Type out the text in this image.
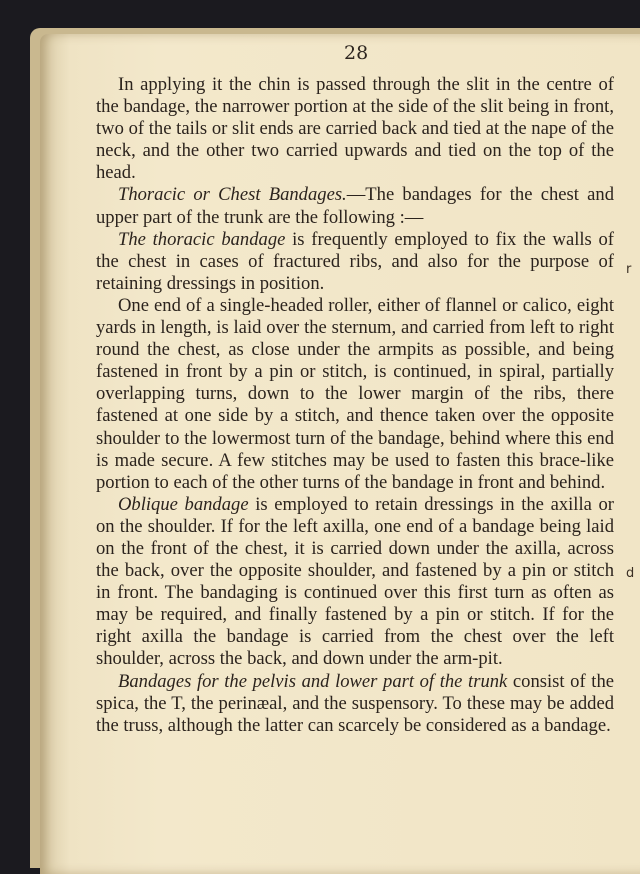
28

In applying it the chin is passed through the slit in the centre of the bandage, the narrower portion at the side of the slit being in front, two of the tails or slit ends are carried back and tied at the nape of the neck, and the other two carried upwards and tied on the top of the head.

Thoracic or Chest Bandages.—The bandages for the chest and upper part of the trunk are the following :—

The thoracic bandage is frequently employed to fix the walls of the chest in cases of fractured ribs, and also for the purpose of retaining dressings in position.

One end of a single-headed roller, either of flannel or calico, eight yards in length, is laid over the sternum, and carried from left to right round the chest, as close under the armpits as possible, and being fastened in front by a pin or stitch, is continued, in spiral, partially overlapping turns, down to the lower margin of the ribs, there fastened at one side by a stitch, and thence taken over the opposite shoulder to the lowermost turn of the bandage, behind where this end is made secure. A few stitches may be used to fasten this brace-like portion to each of the other turns of the bandage in front and behind.

Oblique bandage is employed to retain dressings in the axilla or on the shoulder. If for the left axilla, one end of a bandage being laid on the front of the chest, it is carried down under the axilla, across the back, over the opposite shoulder, and fastened by a pin or stitch in front. The bandaging is continued over this first turn as often as may be required, and finally fastened by a pin or stitch. If for the right axilla the bandage is carried from the chest over the left shoulder, across the back, and down under the arm-pit.

Bandages for the pelvis and lower part of the trunk consist of the spica, the T, the perinæal, and the suspensory. To these may be added the truss, although the latter can scarcely be considered as a bandage.

r
d
